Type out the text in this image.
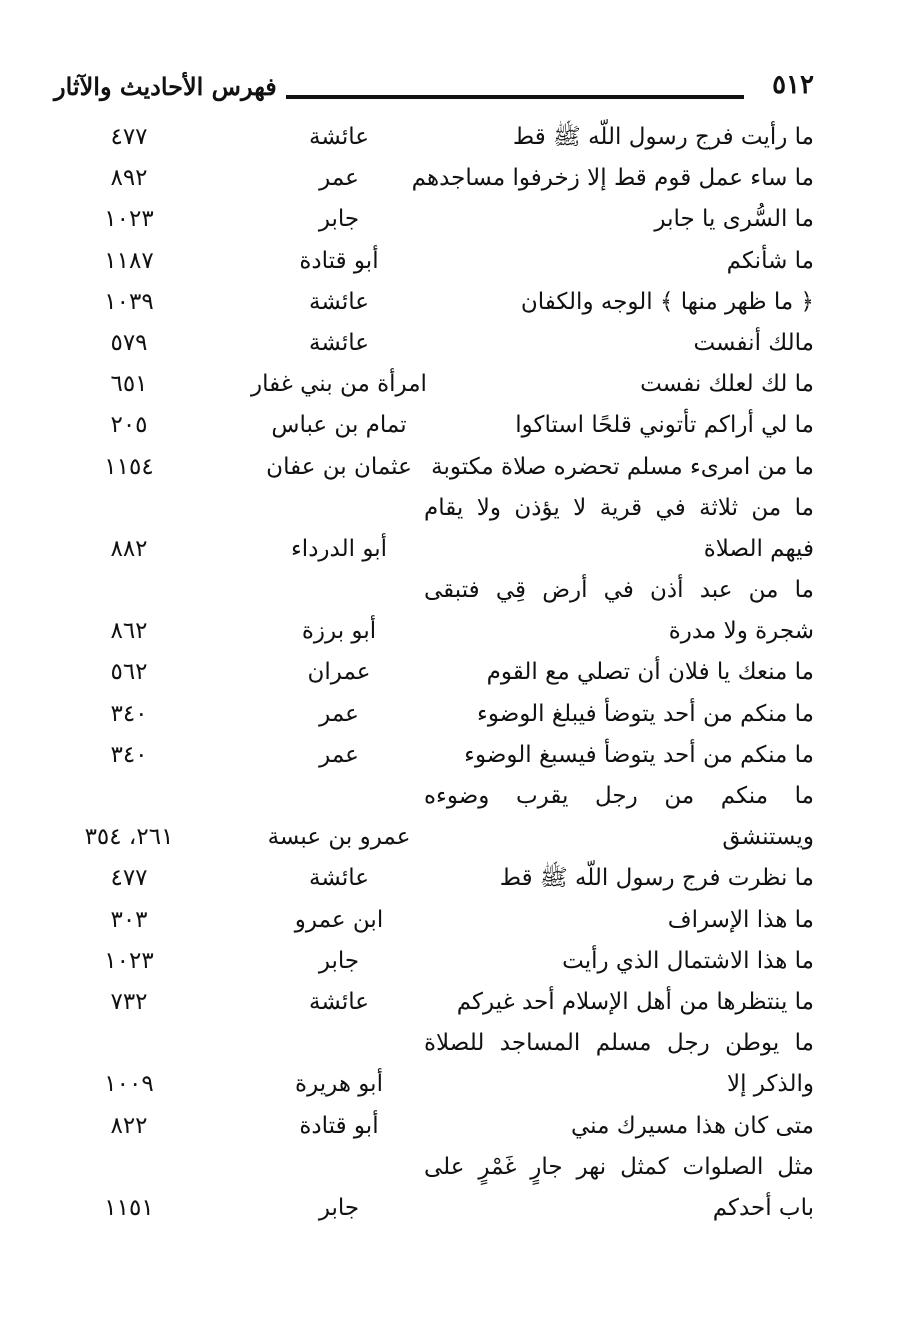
فهرس الأحاديث والآثار	٥١٢
ما رأيت فرج رسول اللّه ﷺ قط
عائشة
٤٧٧
ما ساء عمل قوم قط إلا زخرفوا مساجدهم
عمر
٨٩٢
ما السُّرى يا جابر
جابر
١٠٢٣
ما شأنكم
أبو قتادة
١١٨٧
﴿ ما ظهر منها ﴾ الوجه والكفان
عائشة
١٠٣٩
مالك أنفست
عائشة
٥٧٩
ما لك لعلك نفست
امرأة من بني غفار
٦٥١
ما لي أراكم تأتوني قلحًا استاكوا
تمام بن عباس
٢٠٥
ما من امرىء مسلم تحضره صلاة مكتوبة
عثمان بن عفان
١١٥٤
ما من ثلاثة في قرية لا يؤذن ولا يقام
فيهم الصلاة
أبو الدرداء
٨٨٢
ما من عبد أذن في أرض قِي فتبقى
شجرة ولا مدرة
أبو برزة
٨٦٢
ما منعك يا فلان أن تصلي مع القوم
عمران
٥٦٢
ما منكم من أحد يتوضأ فيبلغ الوضوء
عمر
٣٤٠
ما منكم من أحد يتوضأ فيسبغ الوضوء
عمر
٣٤٠
ما منكم من رجل يقرب وضوءه
ويستنشق
عمرو بن عبسة
٢٦١، ٣٥٤
ما نظرت فرج رسول اللّه ﷺ قط
عائشة
٤٧٧
ما هذا الإسراف
ابن عمرو
٣٠٣
ما هذا الاشتمال الذي رأيت
جابر
١٠٢٣
ما ينتظرها من أهل الإسلام أحد غيركم
عائشة
٧٣٢
ما يوطن رجل مسلم المساجد للصلاة
والذكر إلا
أبو هريرة
١٠٠٩
متى كان هذا مسيرك مني
أبو قتادة
٨٢٢
مثل الصلوات كمثل نهر جارٍ غَمْرٍ على
باب أحدكم
جابر
١١٥١
